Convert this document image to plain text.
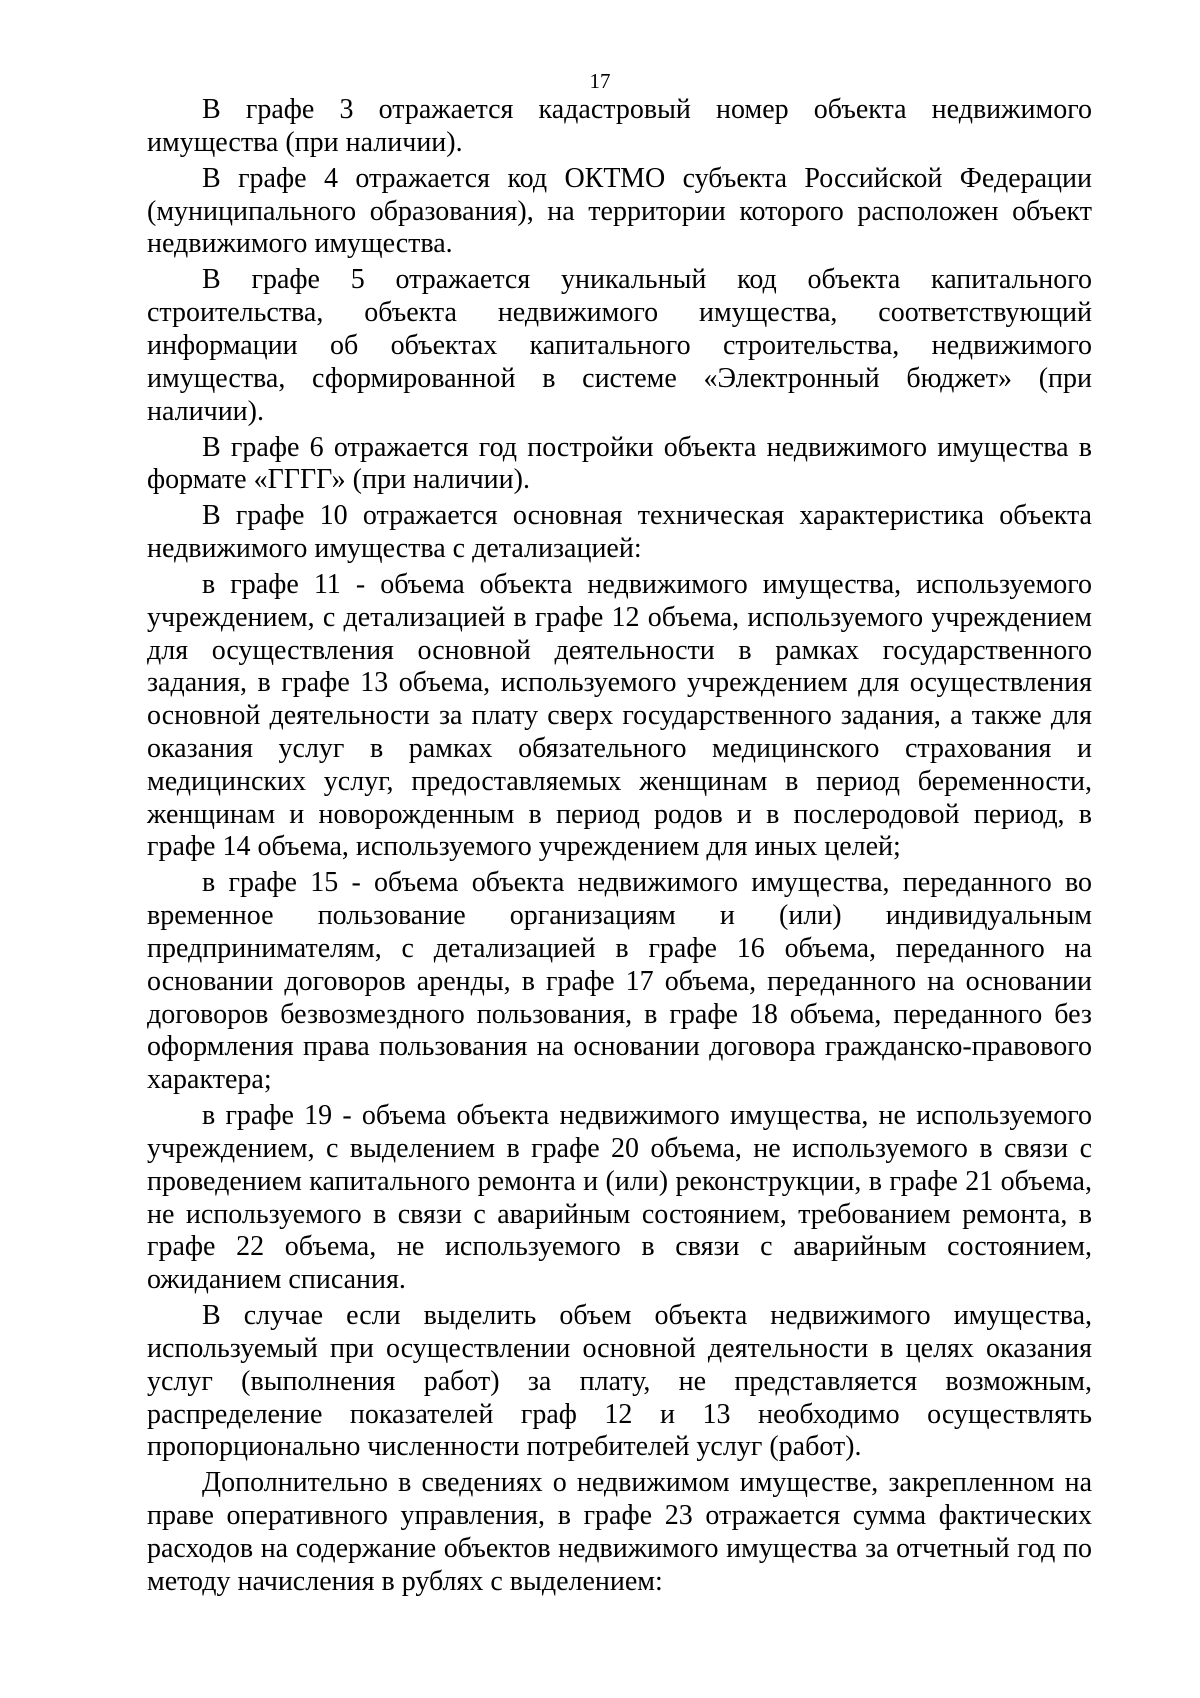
17

В графе 3 отражается кадастровый номер объекта недвижимого имущества (при наличии).

В графе 4 отражается код ОКТМО субъекта Российской Федерации (муниципального образования), на территории которого расположен объект недвижимого имущества.

В графе 5 отражается уникальный код объекта капитального строительства, объекта недвижимого имущества, соответствующий информации об объектах капитального строительства, недвижимого имущества, сформированной в системе «Электронный бюджет» (при наличии).

В графе 6 отражается год постройки объекта недвижимого имущества в формате «ГГГГ» (при наличии).

В графе 10 отражается основная техническая характеристика объекта недвижимого имущества с детализацией:

в графе 11 - объема объекта недвижимого имущества, используемого учреждением, с детализацией в графе 12 объема, используемого учреждением для осуществления основной деятельности в рамках государственного задания, в графе 13 объема, используемого учреждением для осуществления основной деятельности за плату сверх государственного задания, а также для оказания услуг в рамках обязательного медицинского страхования и медицинских услуг, предоставляемых женщинам в период беременности, женщинам и новорожденным в период родов и в послеродовой период, в графе 14 объема, используемого учреждением для иных целей;

в графе 15 - объема объекта недвижимого имущества, переданного во временное пользование организациям и (или) индивидуальным предпринимателям, с детализацией в графе 16 объема, переданного на основании договоров аренды, в графе 17 объема, переданного на основании договоров безвозмездного пользования, в графе 18 объема, переданного без оформления права пользования на основании договора гражданско-правового характера;

в графе 19 - объема объекта недвижимого имущества, не используемого учреждением, с выделением в графе 20 объема, не используемого в связи с проведением капитального ремонта и (или) реконструкции, в графе 21 объема, не используемого в связи с аварийным состоянием, требованием ремонта, в графе 22 объема, не используемого в связи с аварийным состоянием, ожиданием списания.

В случае если выделить объем объекта недвижимого имущества, используемый при осуществлении основной деятельности в целях оказания услуг (выполнения работ) за плату, не представляется возможным, распределение показателей граф 12 и 13 необходимо осуществлять пропорционально численности потребителей услуг (работ).

Дополнительно в сведениях о недвижимом имуществе, закрепленном на праве оперативного управления, в графе 23 отражается сумма фактических расходов на содержание объектов недвижимого имущества за отчетный год по методу начисления в рублях с выделением:
